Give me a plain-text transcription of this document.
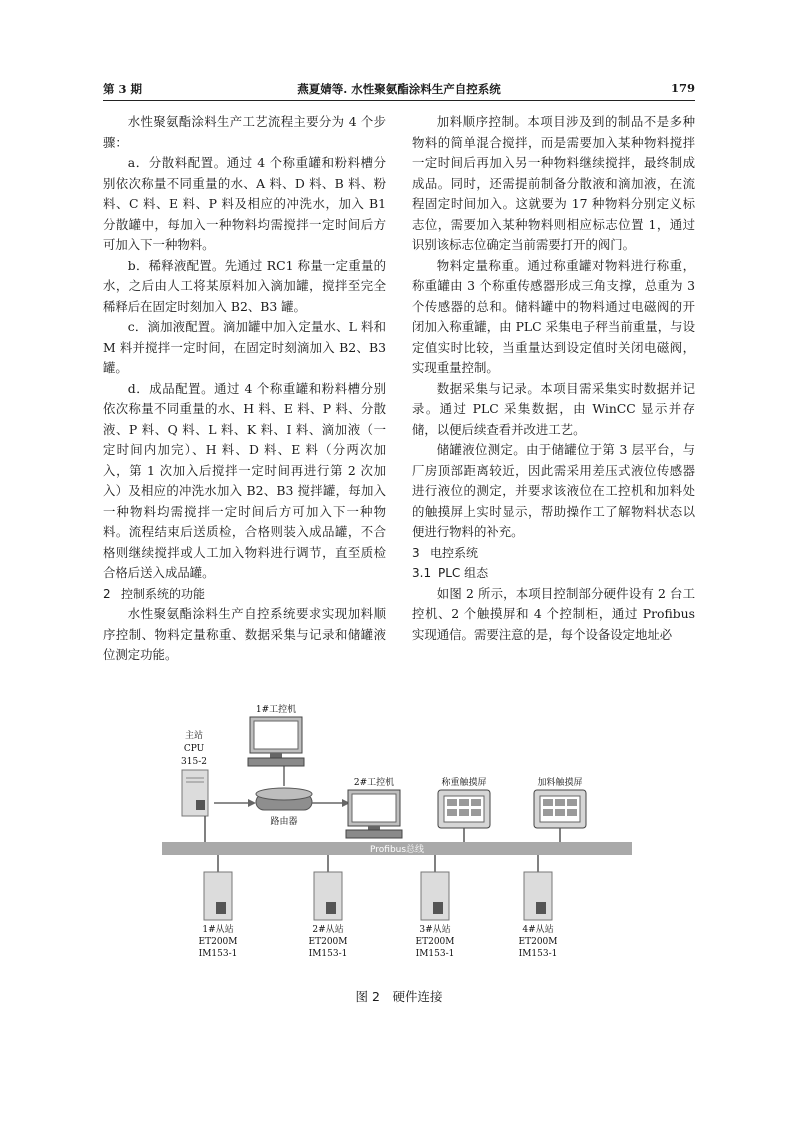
第 3 期	燕夏婧等. 水性聚氨酯涂料生产自控系统	179

水性聚氨酯涂料生产工艺流程主要分为 4 个步骤：

a．分散料配置。通过 4 个称重罐和粉料槽分别依次称量不同重量的水、A 料、D 料、B 料、粉料、C 料、E 料、P 料及相应的冲洗水，加入 B1 分散罐中，每加入一种物料均需搅拌一定时间后方可加入下一种物料。

b．稀释液配置。先通过 RC1 称量一定重量的水，之后由人工将某原料加入滴加罐，搅拌至完全稀释后在固定时刻加入 B2、B3 罐。

c．滴加液配置。滴加罐中加入定量水、L 料和 M 料并搅拌一定时间，在固定时刻滴加入 B2、B3 罐。

d．成品配置。通过 4 个称重罐和粉料槽分别依次称量不同重量的水、H 料、E 料、P 料、分散液、P 料、Q 料、L 料、K 料、I 料、滴加液（一定时间内加完）、H 料、D 料、E 料（分两次加入，第 1 次加入后搅拌一定时间再进行第 2 次加入）及相应的冲洗水加入 B2、B3 搅拌罐，每加入一种物料均需搅拌一定时间后方可加入下一种物料。流程结束后送质检，合格则装入成品罐，不合格则继续搅拌或人工加入物料进行调节，直至质检合格后送入成品罐。

2 控制系统的功能

水性聚氨酯涂料生产自控系统要求实现加料顺序控制、物料定量称重、数据采集与记录和储罐液位测定功能。

加料顺序控制。本项目涉及到的制品不是多种物料的简单混合搅拌，而是需要加入某种物料搅拌一定时间后再加入另一种物料继续搅拌，最终制成成品。同时，还需提前制备分散液和滴加液，在流程固定时间加入。这就要为 17 种物料分别定义标志位，需要加入某种物料则相应标志位置 1，通过识别该标志位确定当前需要打开的阀门。

物料定量称重。通过称重罐对物料进行称重，称重罐由 3 个称重传感器形成三角支撑，总重为 3 个传感器的总和。储料罐中的物料通过电磁阀的开闭加入称重罐，由 PLC 采集电子秤当前重量，与设定值实时比较，当重量达到设定值时关闭电磁阀，实现重量控制。

数据采集与记录。本项目需采集实时数据并记录。通过 PLC 采集数据，由 WinCC 显示并存储，以便后续查看并改进工艺。

储罐液位测定。由于储罐位于第 3 层平台，与厂房顶部距离较近，因此需采用差压式液位传感器进行液位的测定，并要求该液位在工控机和加料处的触摸屏上实时显示，帮助操作工了解物料状态以便进行物料的补充。

3 电控系统
3.1 PLC 组态

如图 2 所示，本项目控制部分硬件设有 2 台工控机、2 个触摸屏和 4 个控制柜，通过 Profibus 实现通信。需要注意的是，每个设备设定地址必

Profibus总线
主站
CPU
315-2
路由器
1#工控机
2#工控机	称重触摸屏	加料触摸屏
1#从站
ET200M
IM153-1
2#从站
ET200M
IM153-1
3#从站
ET200M
IM153-1
4#从站
ET200M
IM153-1
图 2　硬件连接
